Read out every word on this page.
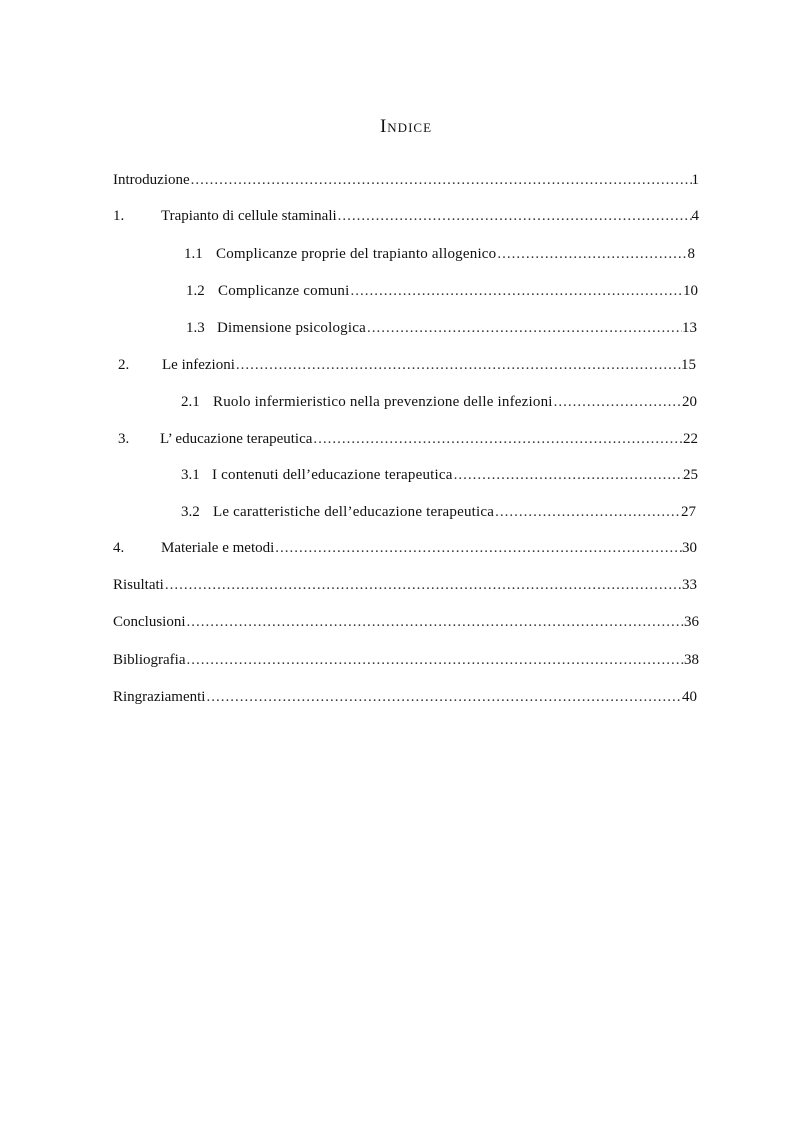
Indice
Introduzione .....	1
1.	Trapianto di cellule staminali .....	4
1.1 Complicanze proprie del trapianto allogenico .....	8
1.2 Complicanze comuni .....	10
1.3 Dimensione psicologica .....	13
2.	Le infezioni .....	15
2.1 Ruolo infermieristico nella prevenzione delle infezioni .....	20
3.	L’ educazione terapeutica .....	22
3.1 I contenuti dell’educazione terapeutica .....	25
3.2 Le caratteristiche dell’educazione terapeutica .....	27
4.	Materiale e metodi .....	30
Risultati .....	33
Conclusioni .....	36
Bibliografia .....	38
Ringraziamenti .....	40
